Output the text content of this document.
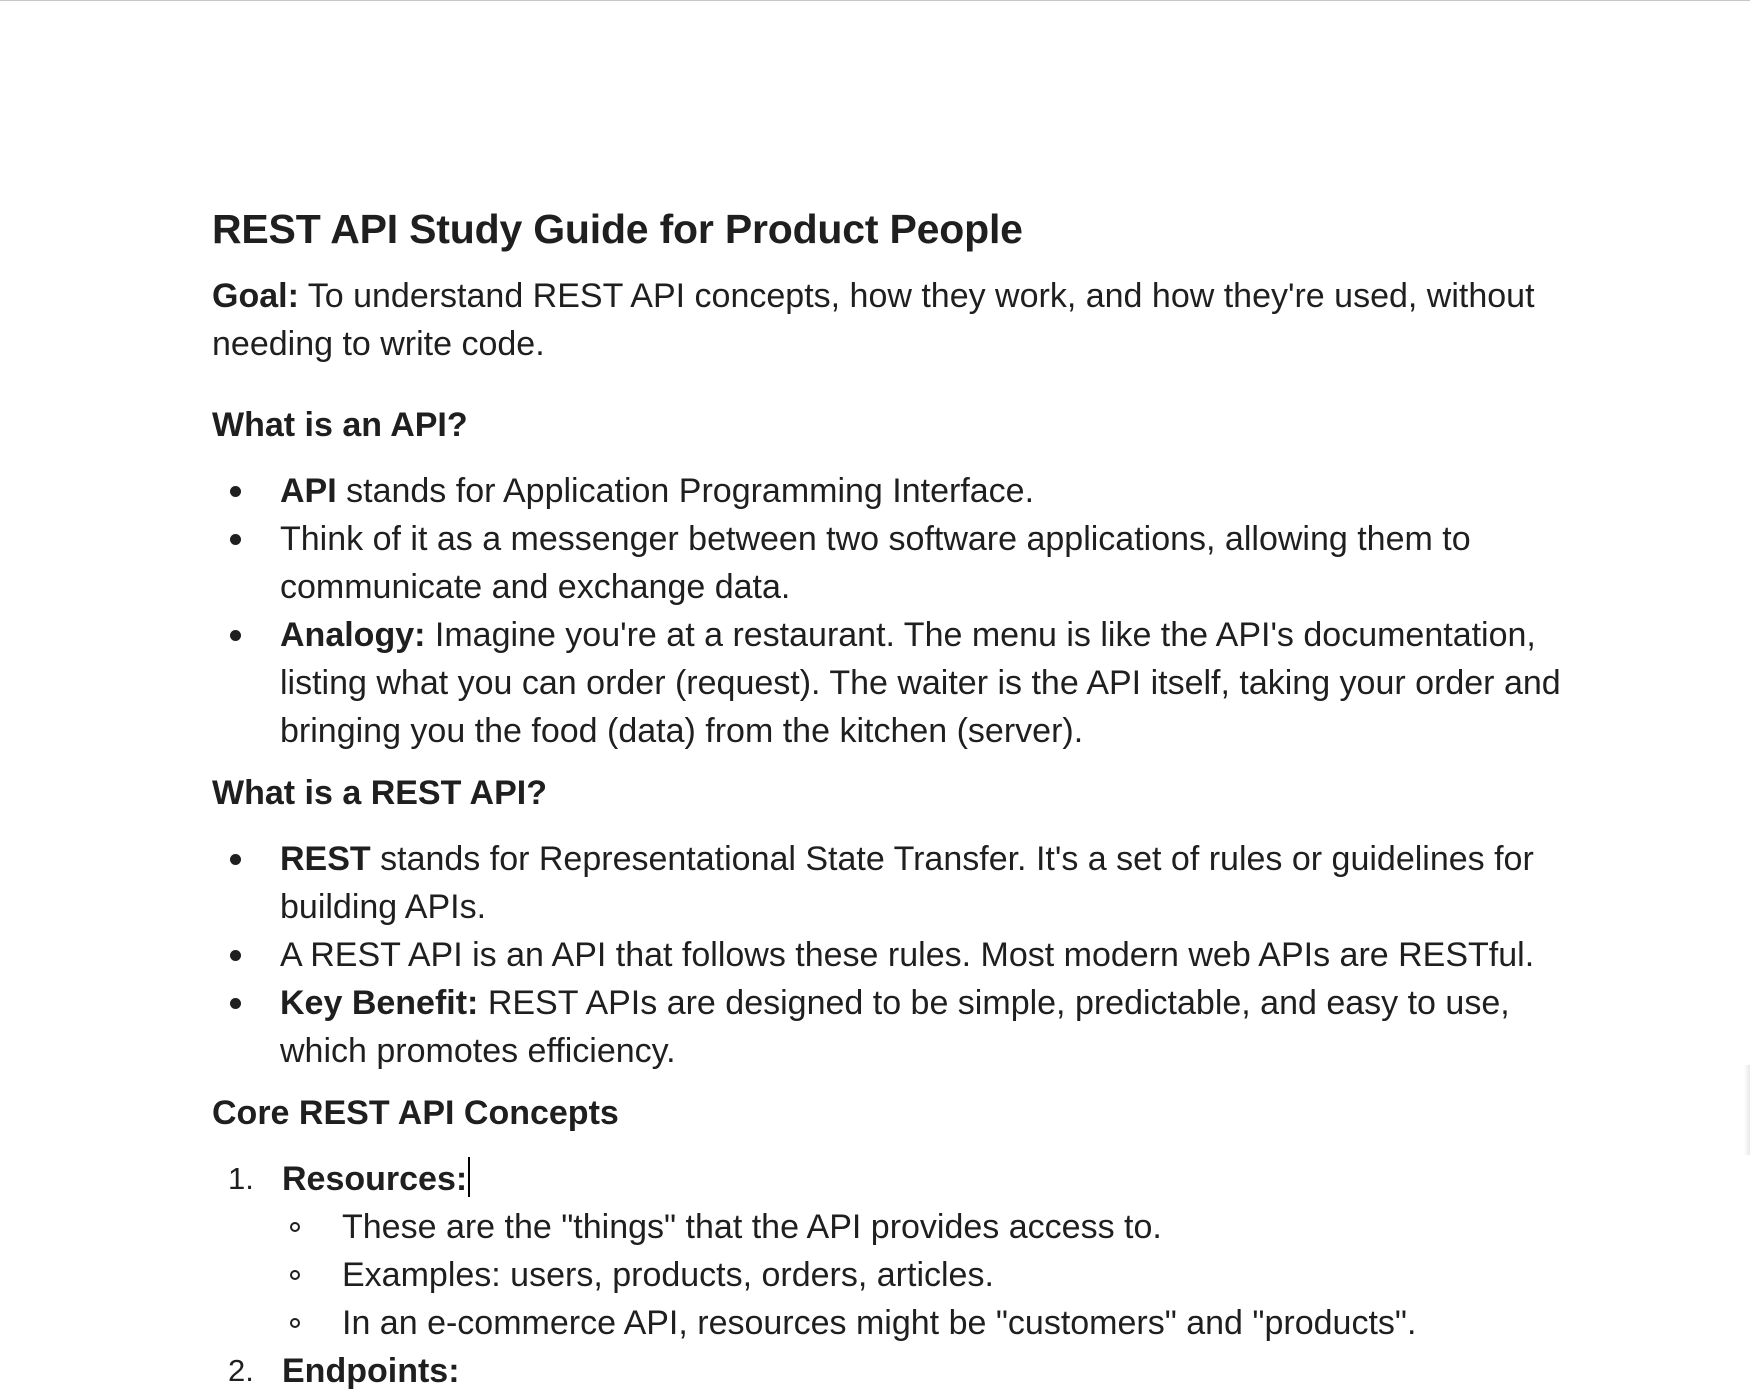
REST API Study Guide for Product People

Goal: To understand REST API concepts, how they work, and how they're used, without needing to write code.

What is an API?
API stands for Application Programming Interface.
Think of it as a messenger between two software applications, allowing them to communicate and exchange data.
Analogy: Imagine you're at a restaurant. The menu is like the API's documentation, listing what you can order (request). The waiter is the API itself, taking your order and bringing you the food (data) from the kitchen (server).
What is a REST API?
REST stands for Representational State Transfer. It's a set of rules or guidelines for building APIs.
A REST API is an API that follows these rules. Most modern web APIs are RESTful.
Key Benefit: REST APIs are designed to be simple, predictable, and easy to use, which promotes efficiency.
Core REST API Concepts
1. Resources:
These are the "things" that the API provides access to.
Examples: users, products, orders, articles.
In an e-commerce API, resources might be "customers" and "products".
2. Endpoints:
